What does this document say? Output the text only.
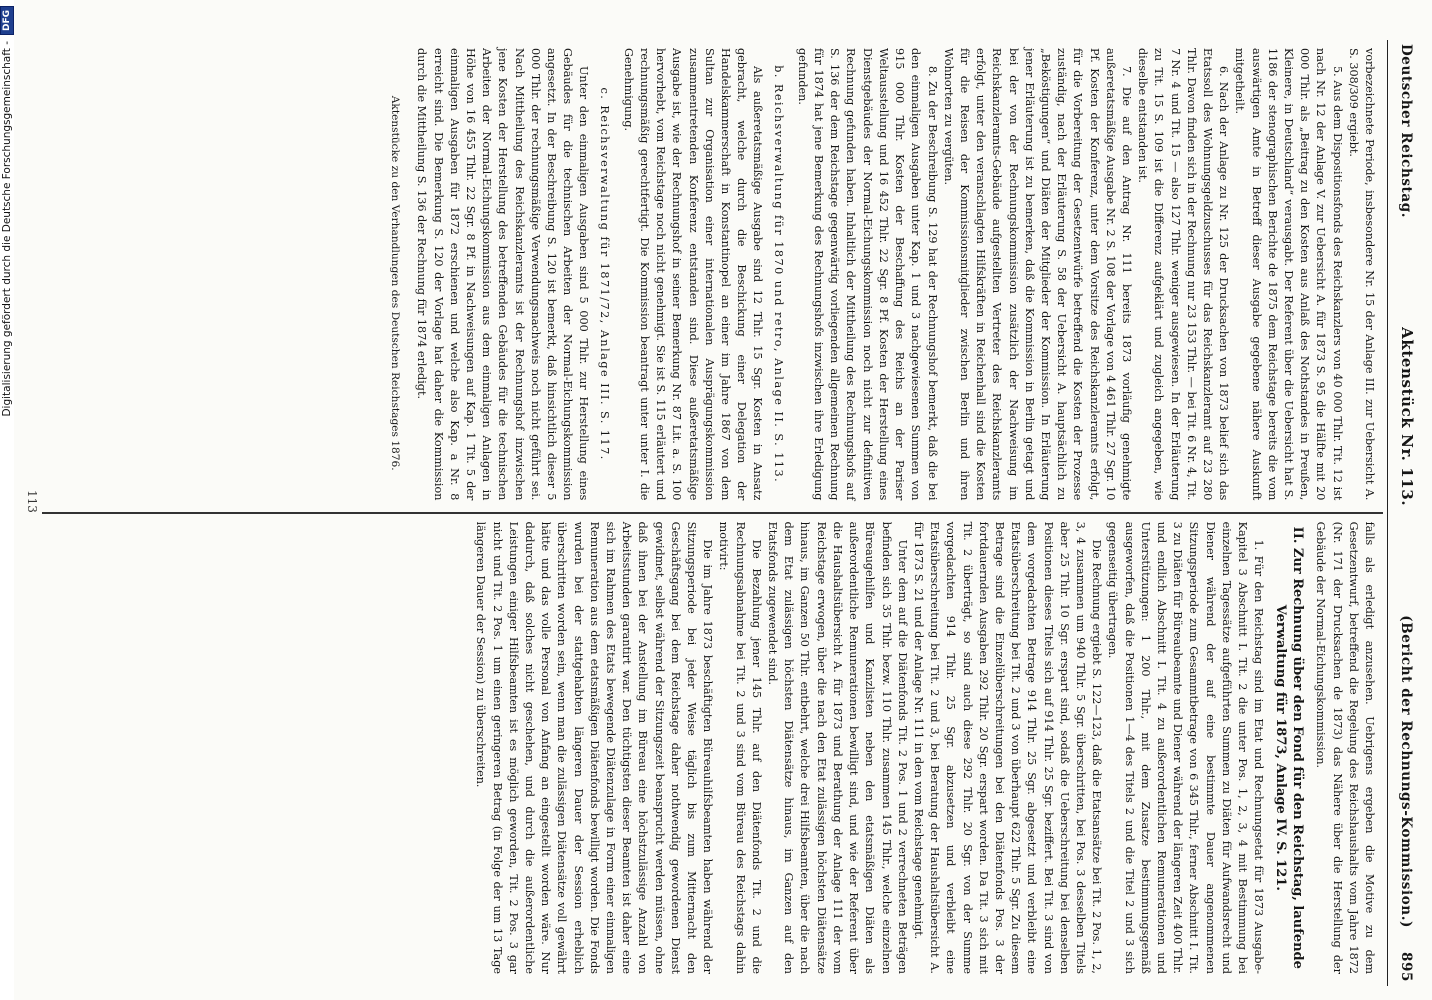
Deutscher Reichstag.
Aktenstück Nr. 113.
(Bericht der Rechnungs-Kommission.)
895

vorbezeichnete Periode, insbesondere Nr. 15 der Anlage III. zur Uebersicht A. S. 308/309 ergiebt.

5. Aus dem Dispositionsfonds des Reichskanzlers von 40 000 Thlr. Tit. 12 ist nach Nr. 12 der Anlage V. zur Uebersicht A. für 1873 S. 95 die Hälfte mit 20 000 Thlr. als „Beitrag zu den Kosten aus Anlaß des Nothstandes in Preußen, Kleinere, in Deutschland“ verausgabt. Der Referent über die Uebersicht hat S. 1186 der stenographischen Berichte de 1875 dem Reichstage bereits die vom auswärtigen Amte in Betreff dieser Ausgabe gegebene nähere Auskunft mitgetheilt.

6. Nach der Anlage zu Nr. 125 der Drucksachen von 1873 belief sich das Etatssoll des Wohnungsgeldzuschusses für das Reichskanzleramt auf 23 280 Thlr. Davon finden sich in der Rechnung nur 23 153 Thlr. — bei Tit. 6 Nr. 4, Tit. 7 Nr. 4 und Tit. 15 — also 127 Thlr. weniger ausgewiesen. In der Erläuterung zu Tit. 15 S. 109 ist die Differenz aufgeklärt und zugleich angegeben, wie dieselbe entstanden ist.

7. Die auf den Antrag Nr. 111 bereits 1873 vorläufig genehmigte außeretatsmäßige Ausgabe Nr. 2 S. 108 der Vorlage von 4 461 Thlr. 27 Sgr. 10 Pf. Kosten der Konferenz, unter dem Vorsitze des Reichskanzleramts erfolgt, für die Vorbereitung der Gesetzentwürfe betreffend die Kosten der Prozesse zuständig, nach der Erläuterung S. 58 der Uebersicht A. hauptsächlich zu „Beköstigungen“ und Diäten der Mitglieder der Kommission. In Erläuterung jener Erläuterung ist zu bemerken, daß die Kommission in Berlin getagt und bei der von der Rechnungskommission zusätzlich der Nachweisung im Reichskanzleramts-Gebäude aufgestellten Vertreter des Reichskanzleramts erfolgt, unter den veranschlagten Hilfskräften in Reichenhall sind die Kosten für die Reisen der Kommissionsmitglieder zwischen Berlin und ihren Wohnorten zu vergüten.

8. Zu der Beschreibung S. 129 hat der Rechnungshof bemerkt, daß die bei den einmaligen Ausgaben unter Kap. 1 und 3 nachgewiesenen Summen von 915 000 Thlr. Kosten der Beschaffung des Reichs an der Pariser Weltausstellung und 16 452 Thlr. 22 Sgr. 8 Pf. Kosten der Herstellung eines Dienstgebäudes der Normal-Eichungskommission noch nicht zur definitiven Rechnung gefunden haben. Inhaltlich der Mittheilung des Rechnungshofs auf S. 136 der dem Reichstage gegenwärtig vorliegenden allgemeinen Rechnung für 1874 hat jene Bemerkung des Rechnungshofs inzwischen ihre Erledigung gefunden.

b. Reichsverwaltung für 1870 und retro, Anlage II. S. 113.

Als außeretatsmäßige Ausgabe sind 12 Thlr. 15 Sgr. Kosten in Ansatz gebracht, welche durch die Beschickung einer Delegation der Handelskammerschaft in Konstantinopel an einer im Jahre 1867 von dem Sultan zur Organisation einer internationalen Ausprägungskommission zusammentretenden Konferenz entstanden sind. Diese außeretatsmäßige Ausgabe ist, wie der Rechnungshof in seiner Bemerkung Nr. 87 Lit. a. S. 100 hervorhebt, vom Reichstage noch nicht genehmigt. Sie ist S. 115 erläutert und rechnungsmäßig gerechtfertigt. Die Kommission beantragt unter unter I. die Genehmigung.

c. Reichsverwaltung für 1871/72, Anlage III. S. 117.

Unter den einmaligen Ausgaben sind 5 000 Thlr. zur Herstellung eines Gebäudes für die technischen Arbeiten der Normal-Eichungskommission angesetzt. In der Beschreibung S. 120 ist bemerkt, daß hinsichtlich dieser 5 000 Thlr. der rechnungsmäßige Verwendungsnachweis noch nicht geführt sei. Nach Mittheilung des Reichskanzleramts ist der Rechnungshof inzwischen jene Kosten der Herstellung des betreffenden Gebäudes für die technischen Arbeiten der Normal-Eichungskommission aus dem einmaligen Anlagen in Höhe von 16 455 Thlr. 22 Sgr. 8 Pf. in Nachweisungen auf Kap. 1 Tit. 5 der einmaligen Ausgaben für 1872 erschienen und welche also Kap. a Nr. 8 erreicht sind. Die Bemerkung S. 120 der Vorlage hat daher die Kommission durch die Mittheilung S. 136 der Rechnung für 1874 erledigt.

Aktenstücke zu den Verhandlungen des Deutschen Reichstages 1876.

falls als erledigt anzusehen. Uebrigens ergeben die Motive zu dem Gesetzentwurf, betreffend die Regelung des Reichshaushalts vom Jahre 1872 (Nr. 171 der Drucksachen de 1873) das Nähere über die Herstellung der Gebäude der Normal-Eichungskommission.

II. Zur Rechnung über den Fond für den Reichstag, laufende Verwaltung für 1873, Anlage IV. S. 121.

1. Für den Reichstag sind im Etat und Rechnungsetat für 1873 Ausgabe-Kapitel 3 Abschnitt I. Tit. 2 die unter Pos. 1, 2, 3, 4 mit Bestimmung bei einzelnen Tagessätze aufgeführten Summen zu Diäten für Aufwandsrecht und Diener während der auf eine bestimmte Dauer angenommenen Sitzungsperiode zum Gesammtbetrage von 6 345 Thlr., ferner Abschnitt I. Tit. 3 zu Diäten für Büreaubeamte und Diener während der längeren Zeit 400 Thlr. und endlich Abschnitt I. Tit. 4 zu außerordentlichen Remunerationen und Unterstützungen: 1 200 Thlr., mit dem Zusatze bestimmungsgemäß ausgeworfen, daß die Positionen 1—4 des Titels 2 und die Titel 2 und 3 sich gegenseitig übertragen.

Die Rechnung ergiebt S. 122—123, daß die Etatsansätze bei Tit. 2 Pos. 1, 2, 3, 4 zusammen um 940 Thlr. 5 Sgr. überschritten, bei Pos. 3 desselben Titels aber 25 Thlr. 10 Sgr. erspart sind, sodaß die Ueberschreitung bei denselben Positionen dieses Titels sich auf 914 Thlr. 25 Sgr. beziffert. Bei Tit. 3 sind von dem vorgedachten Betrage 914 Thlr. 25 Sgr. abgesetzt und verbleibt eine Etatsüberschreitung bei Tit. 2 und 3 von überhaupt 622 Thlr. 5 Sgr. Zu diesem Betrage sind die Einzelüberschreitungen bei den Diätenfonds Pos. 3 der fortdauernden Ausgaben 292 Thlr. 20 Sgr. erspart worden. Da Tit. 3 sich mit Tit. 2 überträgt, so sind auch diese 292 Thlr. 20 Sgr. von der Summe vorgedachten 914 Thlr. 25 Sgr. abzusetzen und verbleibt eine Etatsüberschreitung bei Tit. 2 und 3, bei Beratung der Haushaltsübersicht A. für 1873 S. 21 und der Anlage Nr. 111 in den vom Reichstage genehmigt.

Unter dem auf die Diätenfonds Tit. 2 Pos. 1 und 2 verrechneten Beträgen befinden sich 35 Thlr. bezw. 110 Thlr. zusammen 145 Thlr., welche einzelnen Büreaugehilfen und Kanzlisten neben den etatsmäßigen Diäten als außerordentliche Remunerationen bewilligt sind, und wie der Referent über die Haushaltsübersicht A. für 1873 und Berathung der Anlage 111 der vom Reichstage erwogen, über die nach den Etat zulässigen höchsten Diätensätze hinaus, im Ganzen 50 Thlr. entbehrt, welche drei Hilfsbeamten, über die nach dem Etat zulässigen höchsten Diätensätze hinaus, im Ganzen auf den Etatsfonds zugewendet sind.

Die Bezahlung jener 145 Thlr. auf den Diätenfonds Tit. 2 und die Rechnungsabnahme bei Tit. 2 und 3 sind vom Büreau des Reichstags dahin motivirt:

Die im Jahre 1873 beschäftigten Büreauhilfsbeamten haben während der Sitzungsperiode bei jeder Weise täglich bis zum Mitternacht den Geschäftsgang bei dem Reichstage daher nothwendig gewordenen Dienst gewidmet, selbst während der Sitzungszeit beansprucht werden müssen, ohne daß ihnen bei der Anstellung im Büreau eine höchstzulässige Anzahl von Arbeitsstunden garantirt war. Den tüchtigsten dieser Beamten ist daher eine sich im Rahmen des Etats bewegende Diätenzulage in Form einer einmaligen Remuneration aus dem etatsmäßigen Diätenfonds bewilligt worden. Die Fonds wurden bei der stattgehabten längeren Dauer der Session erheblich überschritten worden sein, wenn man die zulässigen Diätensätze voll gewährt hätte und das volle Personal von Anfang an eingestellt worden wäre. Nur dadurch, daß solches nicht geschehen, und durch die außerordentliche Leistungen einiger Hilfsbeamten ist es möglich geworden, Tit. 2 Pos. 3 gar nicht und Tit. 2 Pos. 1 um einen geringeren Betrag (in Folge der um 13 Tage längeren Dauer der Session) zu überschreiten.

113
Digitalisierung gefördert durch die Deutsche Forschungsgemeinschaft -
DFG
